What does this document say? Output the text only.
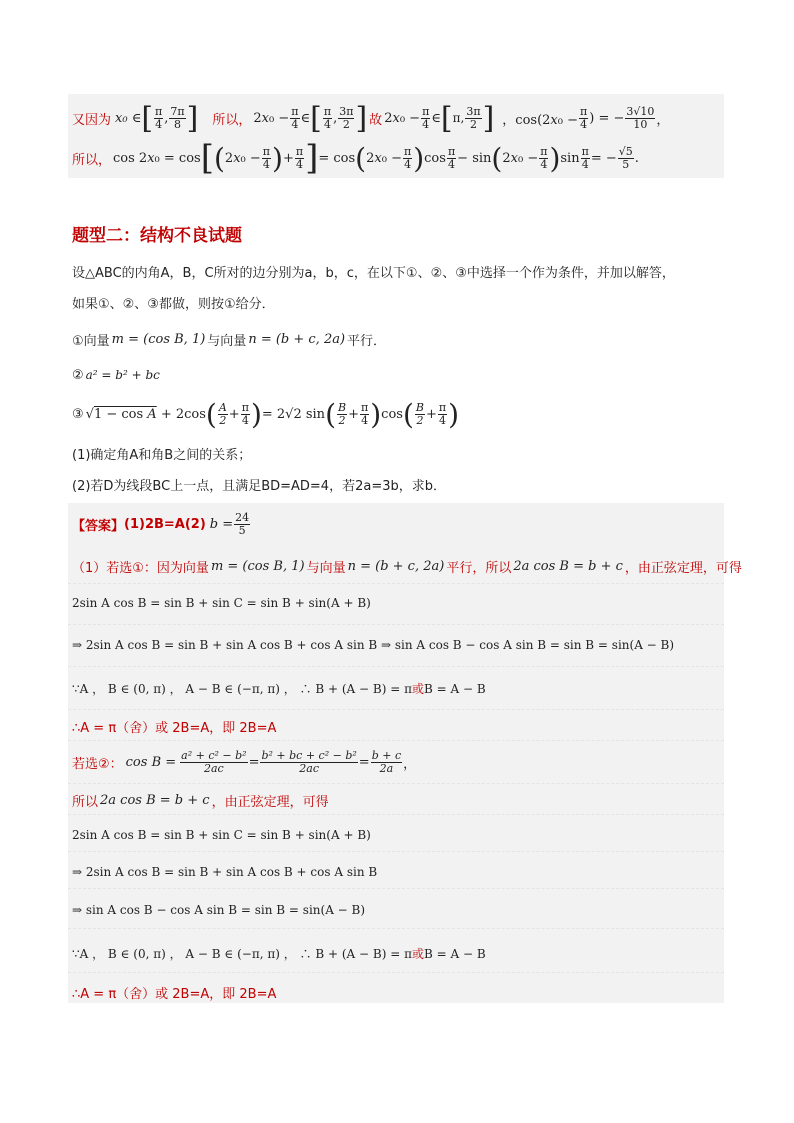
又因为 x₀ ∈ [ $\frac{\pi}{4}$ , $\frac{7\pi}{8}$ ] 所以， $2x_0 - \frac{\pi}{4}$ ∈ [ $\frac{\pi}{4}$ , $\frac{3\pi}{2}$ ] 故 $2x_0 - \frac{\pi}{4}$ ∈ [ π, $\frac{3\pi}{2}$ ] ，$\cos(2x_0 - \frac{\pi}{4}$ ) = − $\frac{3√10}{10}$ ，
所以， cos 2x₀ = cos [ ( $2x_0 - \frac{\pi}{4}$ ) + $\frac{\pi}{4}$ ] = cos ( $2x_0 - \frac{\pi}{4}$ ) $\cos \frac{\pi}{4} - \sin$ ( $2x_0 - \frac{\pi}{4}$ ) $\sin \frac{\pi}{4}$ = − $\frac{√5}{5}$ .
题型二：结构不良试题
设△ABC的内角A，B，C所对的边分别为a，b，c，在以下①、②、③中选择一个作为条件，并加以解答，
如果①、②、③都做，则按①给分．
①向量 m = (cos B, 1) 与向量 n = (b + c, 2a) 平行．
② a² = b² + bc
③ √1 − cos A + 2cos ( $\frac{A}{2} + \frac{\pi}{4}$ ) = 2√2 sin ( $\frac{B}{2} + \frac{\pi}{4}$ ) cos ( $\frac{B}{2} + \frac{\pi}{4}$ )
(1)确定角A和角B之间的关系；
(2)若D为线段BC上一点，且满足BD=AD=4，若2a=3b，求b．
【答案】 (1)2B=A(2) $b = \frac{24}{5}$
（1）若选①：因为向量 m = (cos B, 1) 与向量 n = (b + c, 2a) 平行，所以 2a cos B = b + c ，由正弦定理，可得
2sin A cos B = sin B + sin C = sin B + sin(A + B)
⇒ 2sin A cos B = sin B + sin A cos B + cos A sin B ⇒ sin A cos B − cos A sin B = sin B = sin(A − B)
∵A ， B ∈ (0, π) ， A − B ∈ (−π, π) ， ∴ B + (A − B) = π或B = A − B
∴A = π（舍）或 2B=A，即 2B=A
若选②： $\cos B = \frac{\text{a² + c² − b²}}{2ac} = \frac{\text{b² + bc + c² − b²}}{2ac} = \frac{b + c}{2a}$ ，
所以 2a cos B = b + c ，由正弦定理，可得
2sin A cos B = sin B + sin C = sin B + sin(A + B)
⇒ 2sin A cos B = sin B + sin A cos B + cos A sin B
⇒ sin A cos B − cos A sin B = sin B = sin(A − B)
∵A ， B ∈ (0, π) ， A − B ∈ (−π, π) ， ∴ B + (A − B) = π或B = A − B
∴A = π（舍）或 2B=A，即 2B=A
